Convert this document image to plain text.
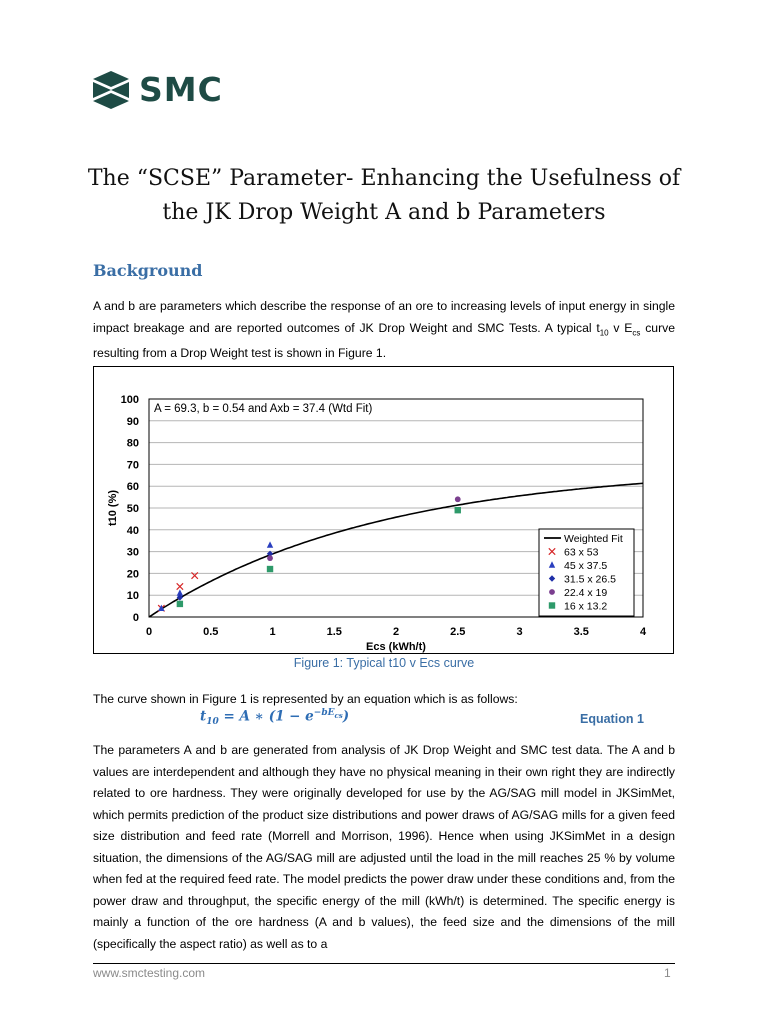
SMC
The “SCSE” Parameter- Enhancing the Usefulness of
the JK Drop Weight A and b Parameters
Background
A and b are parameters which describe the response of an ore to increasing levels of input energy in single impact breakage and are reported outcomes of JK Drop Weight and SMC Tests. A typical $t_{10}$ v $E_{cs}$ curve resulting from a Drop Weight test is shown in Figure 1.
0
10
20
30
40
50
60
70
80
90
100
0	0.5	1	1.5	2	2.5	3	3.5	4
Ecs (kWh/t)
t10 (%)
A = 69.3, b = 0.54 and Axb = 37.4 (Wtd Fit)
Weighted Fit
63 x 53
45 x 37.5
31.5 x 26.5
22.4 x 19
16 x 13.2
Figure 1: Typical t10 v Ecs curve
The curve shown in Figure 1 is represented by an equation which is as follows:
$t_{10} = A$ ∗ $(1 - e^{-bE_{cs}})$	Equation 1
The parameters A and b are generated from analysis of JK Drop Weight and SMC test data. The A and b values are interdependent and although they have no physical meaning in their own right they are indirectly related to ore hardness. They were originally developed for use by the AG/SAG mill model in JKSimMet, which permits prediction of the product size distributions and power draws of AG/SAG mills for a given feed size distribution and feed rate (Morrell and Morrison, 1996). Hence when using JKSimMet in a design situation, the dimensions of the AG/SAG mill are adjusted until the load in the mill reaches 25 % by volume when fed at the required feed rate. The model predicts the power draw under these conditions and, from the power draw and throughput, the specific energy of the mill (kWh/t) is determined. The specific energy is mainly a function of the ore hardness (A and b values), the feed size and the dimensions of the mill (specifically the aspect ratio) as well as to a
www.smctesting.com	1
